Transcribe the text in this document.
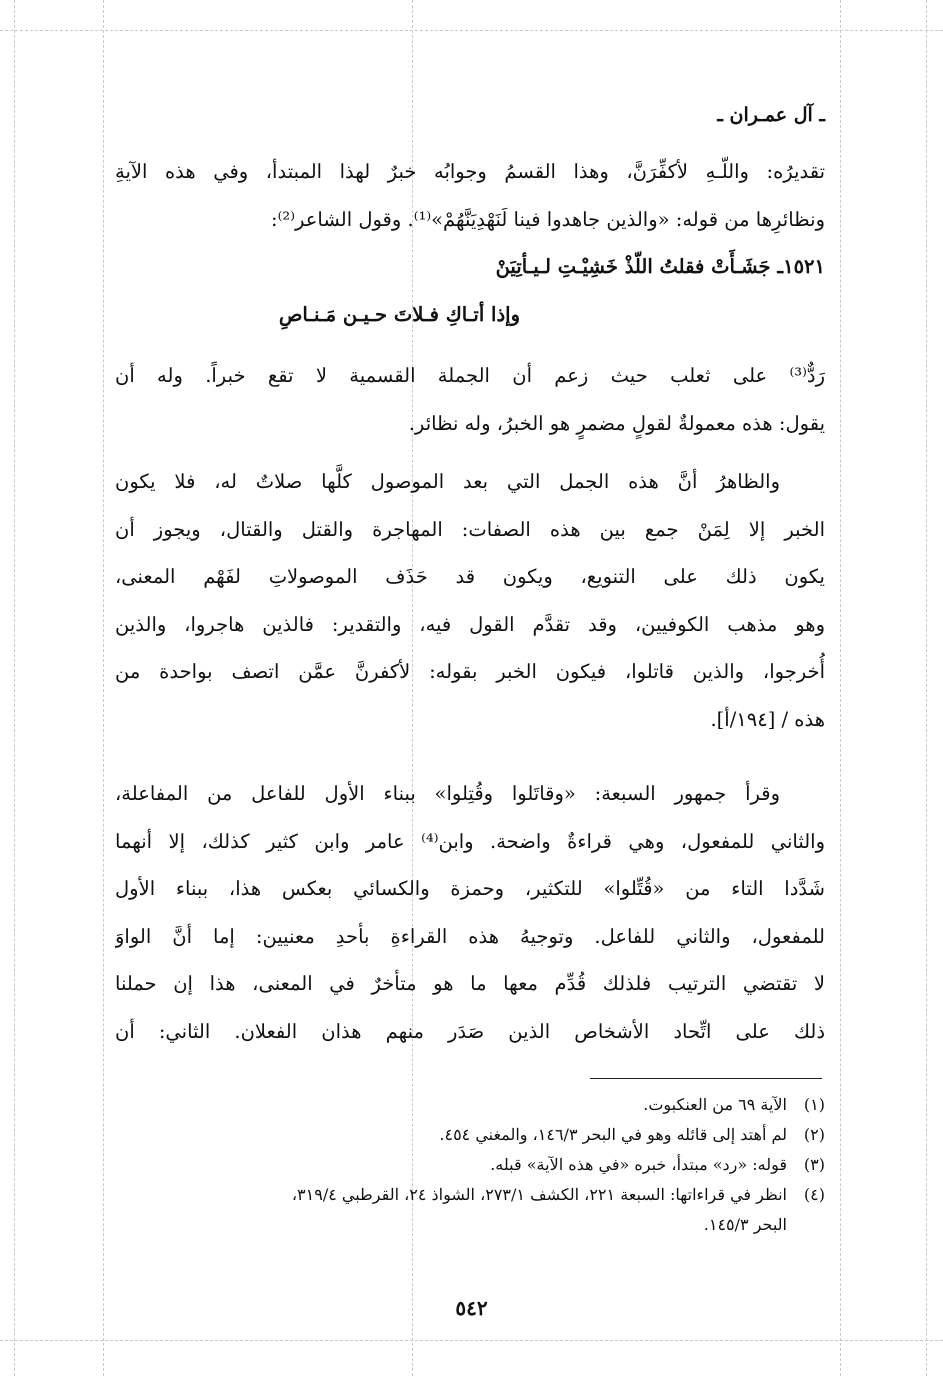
ـ آل عمـران ـ
تقديرُه: واللّـهِ لأكفِّرَنَّ، وهذا القسمُ وجوابُه خبرٌ لهذا المبتدأ، وفي هذه الآيةِ
ونظائرِها من قوله: «والذين جاهدوا فينا لَنَهْدِيَنَّهُمْ»⁽¹⁾. وقول الشاعر⁽²⁾:
١٥٢١ـ جَشَـأَتْ فقلتُ اللّذْ خَشِيْـتِ لـيـأتِيَنْ
وإذا أتـاكِ فـلاتَ حـيـن مَـنـاصِ
رَدٌّ⁽³⁾ على ثعلب حيث زعم أن الجملة القسمية لا تقع خبراً. وله أن
يقول: هذه معمولةٌ لقولٍ مضمرٍ هو الخبرُ، وله نظائر.
والظاهرُ أنَّ هذه الجمل التي بعد الموصول كلَّها صلاتٌ له، فلا يكون
الخبر إلا لِمَنْ جمع بين هذه الصفات: المهاجرة والقتل والقتال، ويجوز أن
يكون ذلك على التنويع، ويكون قد حَذَف الموصولاتِ لفَهْم المعنى،
وهو مذهب الكوفيين، وقد تقدَّم القول فيه، والتقدير: فالذين هاجروا، والذين
أُخرجوا، والذين قاتلوا، فيكون الخبر بقوله: لأكفرنَّ عمَّن اتصف بواحدة من
هذه / [١٩٤/أ].
وقرأ جمهور السبعة: «وقاتَلوا وقُتِلوا» ببناء الأول للفاعل من المفاعلة،
والثاني للمفعول، وهي قراءةٌ واضحة. وابن⁽⁴⁾ عامر وابن كثير كذلك، إلا أنهما
شَدَّدا التاء من «قُتِّلوا» للتكثير، وحمزة والكسائي بعكس هذا، ببناء الأول
للمفعول، والثاني للفاعل. وتوجيهُ هذه القراءةِ بأحدِ معنيين: إما أنَّ الواوَ
لا تقتضي الترتيب فلذلك قُدِّم معها ما هو متأخرٌ في المعنى، هذا إن حملنا
ذلك على اتِّحاد الأشخاص الذين صَدَر منهم هذان الفعلان. الثاني: أن
(١)الآية ٦٩ من العنكبوت.
(٢)لم أهتد إلى قائله وهو في البحر ١٤٦/٣، والمغني ٤٥٤.
(٣)قوله: «رد» مبتدأ، خبره «في هذه الآية» قبله.
(٤)انظر في قراءاتها: السبعة ٢٢١، الكشف ٢٧٣/١، الشواذ ٢٤، القرطبي ٣١٩/٤،
البحر ١٤٥/٣.
٥٤٢
